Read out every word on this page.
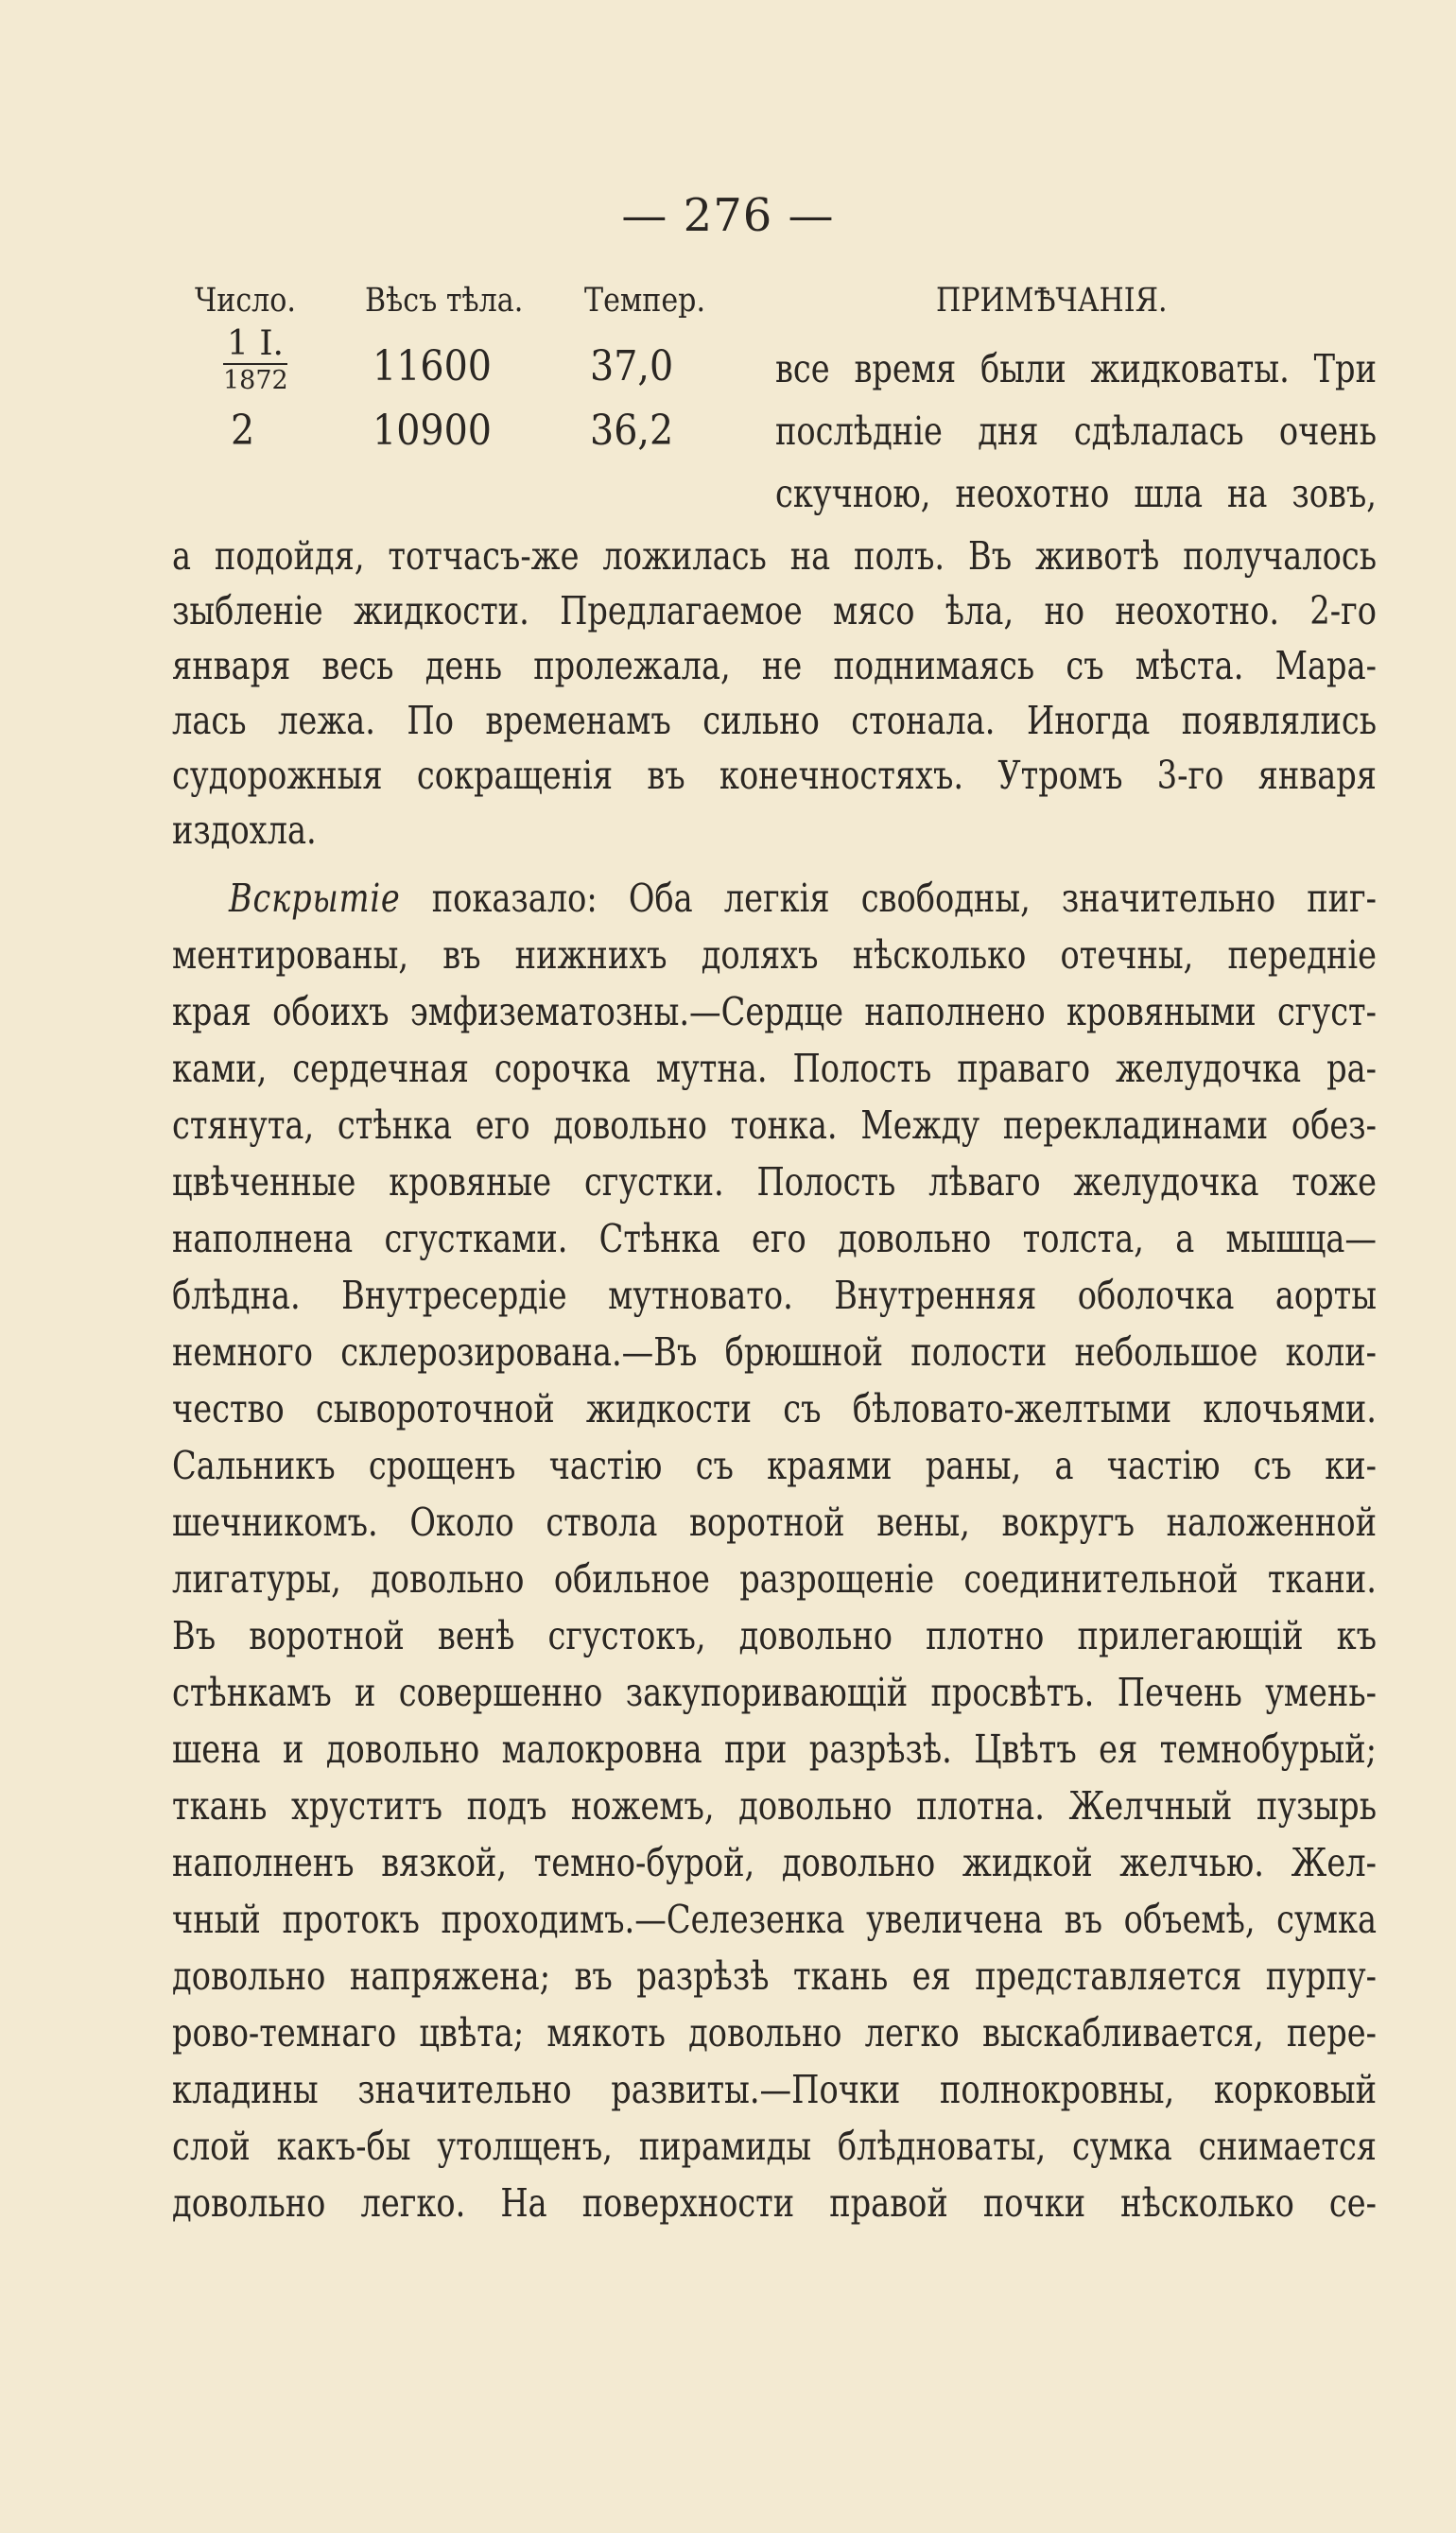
— 276 —
Число. Вѣсъ тѣла. Темпер.	ПРИМѢЧАНІЯ.
1 I.
1872 11600 37,0
2	10900 36,2
все время были жидковаты. Три
послѣдніе дня сдѣлалась очень
скучною, неохотно шла на зовъ,
а подойдя, тотчасъ-же ложилась на полъ. Въ животѣ получалось
зыбленіе жидкости. Предлагаемое мясо ѣла, но неохотно. 2-го
января весь день пролежала, не поднимаясь съ мѣста. Мара-
лась лежа. По временамъ сильно стонала. Иногда появлялись
судорожныя сокращенія въ конечностяхъ. Утромъ 3-го января
издохла.
Вскрытіе показало: Оба легкія свободны, значительно пиг-
ментированы, въ нижнихъ доляхъ нѣсколько отечны, передніе
края обоихъ эмфизематозны.—Сердце наполнено кровяными сгуст-
ками, сердечная сорочка мутна. Полость праваго желудочка ра-
стянута, стѣнка его довольно тонка. Между перекладинами обез-
цвѣченные кровяные сгустки. Полость лѣваго желудочка тоже
наполнена сгустками. Стѣнка его довольно толста, а мышца—
блѣдна. Внутресердіе мутновато. Внутренняя оболочка аорты
немного склерозирована.—Въ брюшной полости небольшое коли-
чество сывороточной жидкости съ бѣловато-желтыми клочьями.
Сальникъ срощенъ частію съ краями раны, а частію съ ки-
шечникомъ. Около ствола воротной вены, вокругъ наложенной
лигатуры, довольно обильное разрощеніе соединительной ткани.
Въ воротной венѣ сгустокъ, довольно плотно прилегающій къ
стѣнкамъ и совершенно закупоривающій просвѣтъ. Печень умень-
шена и довольно малокровна при разрѣзѣ. Цвѣтъ ея темнобурый;
ткань хруститъ подъ ножемъ, довольно плотна. Желчный пузырь
наполненъ вязкой, темно-бурой, довольно жидкой желчью. Жел-
чный протокъ проходимъ.—Селезенка увеличена въ объемѣ, сумка
довольно напряжена; въ разрѣзѣ ткань ея представляется пурпу-
рово-темнаго цвѣта; мякоть довольно легко выскабливается, пере-
кладины значительно развиты.—Почки полнокровны, корковый
слой какъ-бы утолщенъ, пирамиды блѣдноваты, сумка снимается
довольно легко. На поверхности правой почки нѣсколько се-
